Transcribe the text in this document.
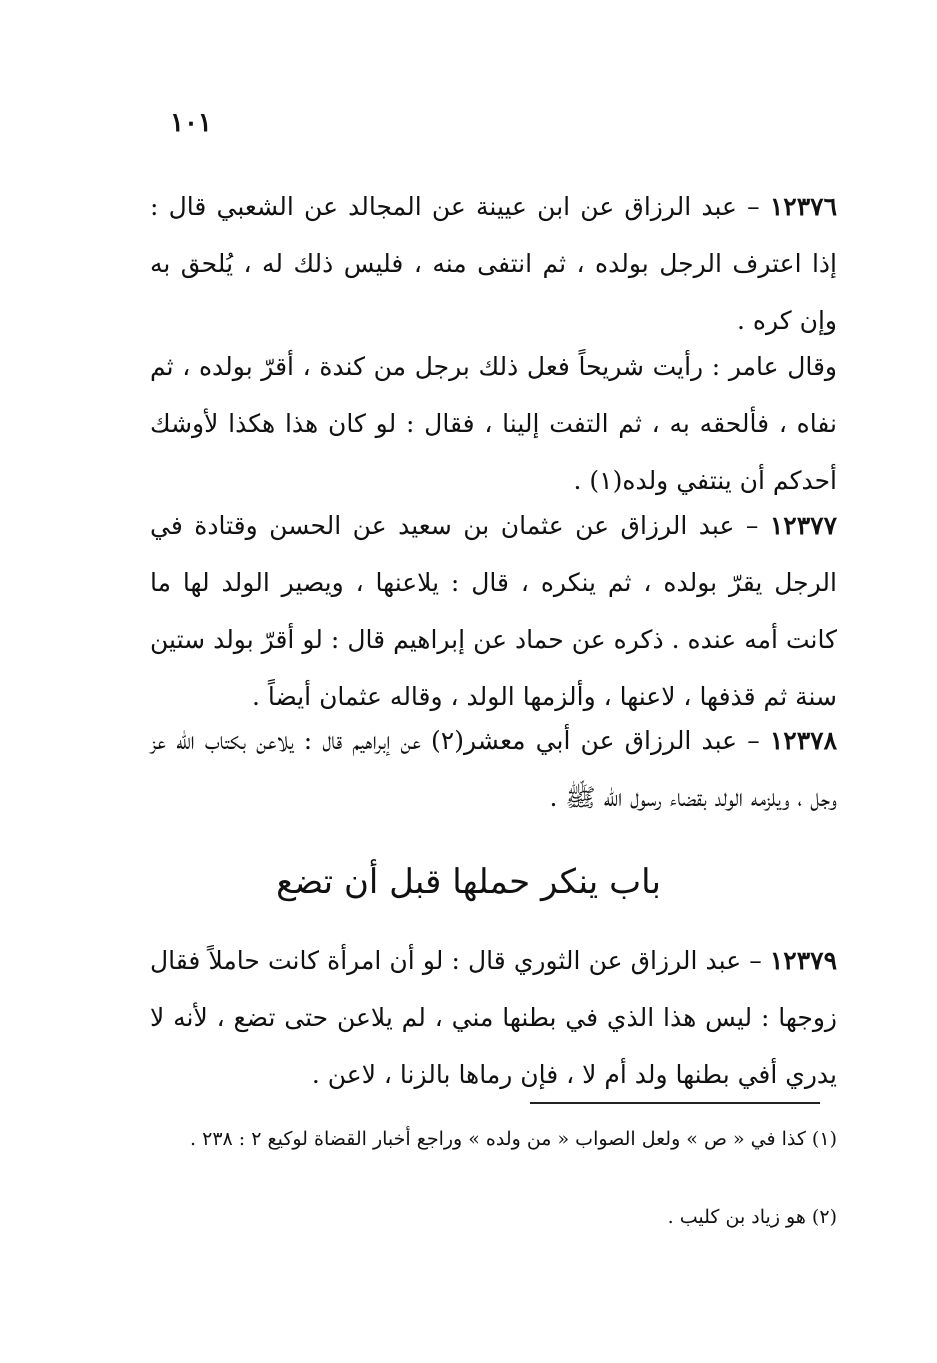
١٠١
١٢٣٧٦ – عبد الرزاق عن ابن عيينة عن المجالد عن الشعبي قال : إذا اعترف الرجل بولده ، ثم انتفى منه ، فليس ذلك له ، يُلحق به وإن كره .
وقال عامر : رأيت شريحاً فعل ذلك برجل من كندة ، أقرّ بولده ، ثم نفاه ، فألحقه به ، ثم التفت إلينا ، فقال : لو كان هذا هكذا لأوشك أحدكم أن ينتفي ولده(١) .
١٢٣٧٧ – عبد الرزاق عن عثمان بن سعيد عن الحسن وقتادة في الرجل يقرّ بولده ، ثم ينكره ، قال : يلاعنها ، ويصير الولد لها ما كانت أمه عنده . ذكره عن حماد عن إبراهيم قال : لو أقرّ بولد ستين سنة ثم قذفها ، لاعنها ، وألزمها الولد ، وقاله عثمان أيضاً .
١٢٣٧٨ – عبد الرزاق عن أبي معشر(٢) عن إبراهيم قال : يلاعن بكتاب الله عز وجل ، ويلزمه الولد بقضاء رسول الله ﷺ .
باب ينكر حملها قبل أن تضع
١٢٣٧٩ – عبد الرزاق عن الثوري قال : لو أن امرأة كانت حاملاً فقال زوجها : ليس هذا الذي في بطنها مني ، لم يلاعن حتى تضع ، لأنه لا يدري أفي بطنها ولد أم لا ، فإن رماها بالزنا ، لاعن .
(١) كذا في « ص » ولعل الصواب « من ولده » وراجع أخبار القضاة لوكيع ٢ : ٢٣٨ .
(٢) هو زياد بن كليب .
